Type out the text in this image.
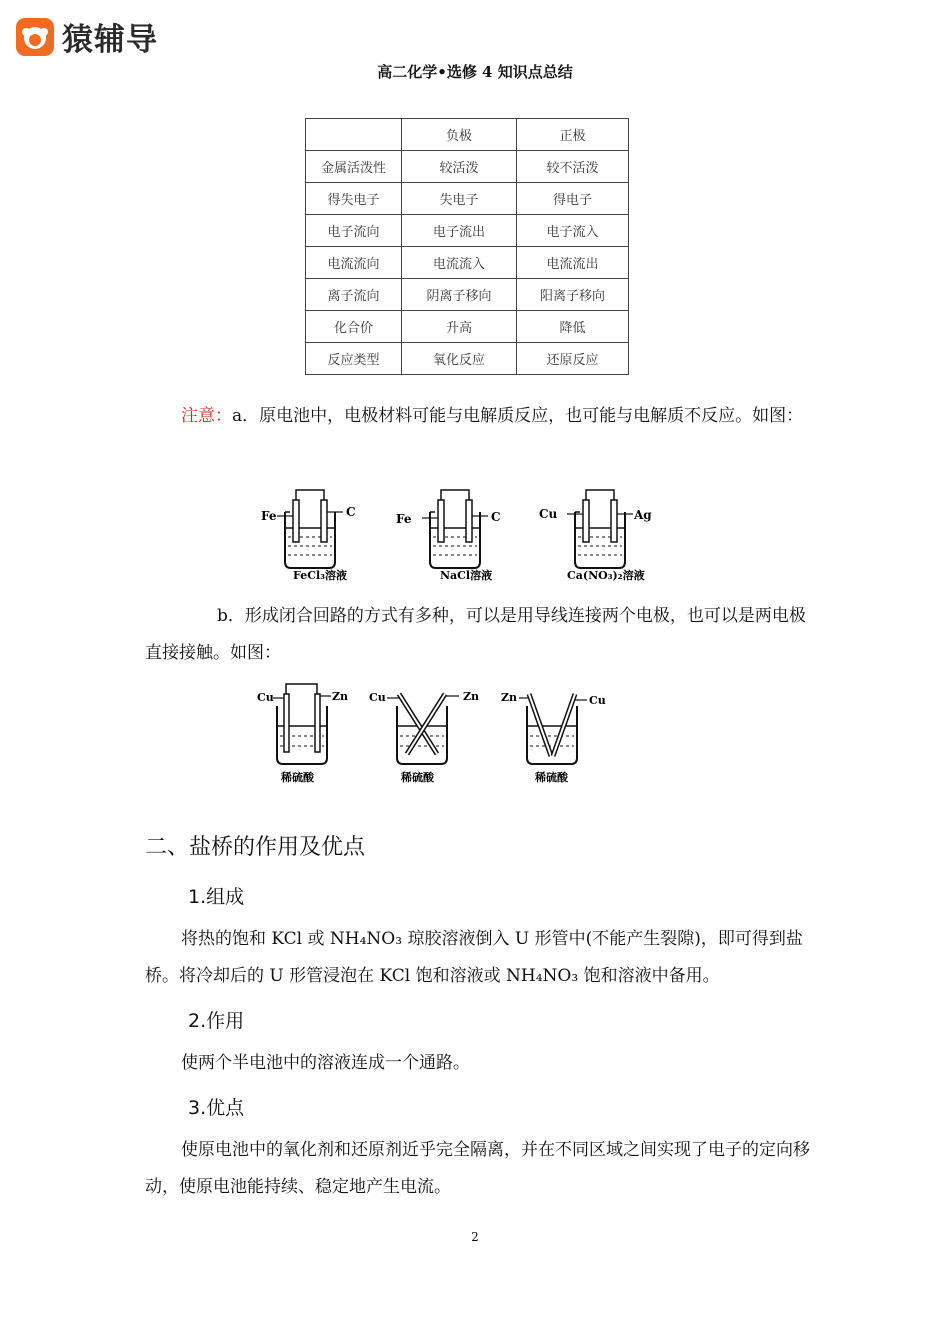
猿辅导
高二化学•选修 4 知识点总结
	负极	正极
金属活泼性	较活泼	较不活泼
得失电子	失电子	得电子
电子流向	电子流出	电子流入
电流流向	电流流入	电流流出
离子流向	阴离子移向	阳离子移向
化合价	升高	降低
反应类型	氧化反应	还原反应
注意：a．原电池中，电极材料可能与电解质反应，也可能与电解质不反应。如图：
Fe	C
FeCl₃溶液
Fe	C
NaCl溶液
Cu	Ag
Ca(NO₃)₂溶液
b．形成闭合回路的方式有多种，可以是用导线连接两个电极，也可以是两电极直接接触。如图：
Cu	Zn
稀硫酸
Cu	Zn
稀硫酸
Zn	Cu
稀硫酸
二、盐桥的作用及优点
1.组成
将热的饱和 KCl 或 NH₄NO₃ 琼胶溶液倒入 U 形管中(不能产生裂隙)，即可得到盐桥。将冷却后的 U 形管浸泡在 KCl 饱和溶液或 NH₄NO₃ 饱和溶液中备用。
2.作用
使两个半电池中的溶液连成一个通路。
3.优点
使原电池中的氧化剂和还原剂近乎完全隔离，并在不同区域之间实现了电子的定向移动，使原电池能持续、稳定地产生电流。
2
